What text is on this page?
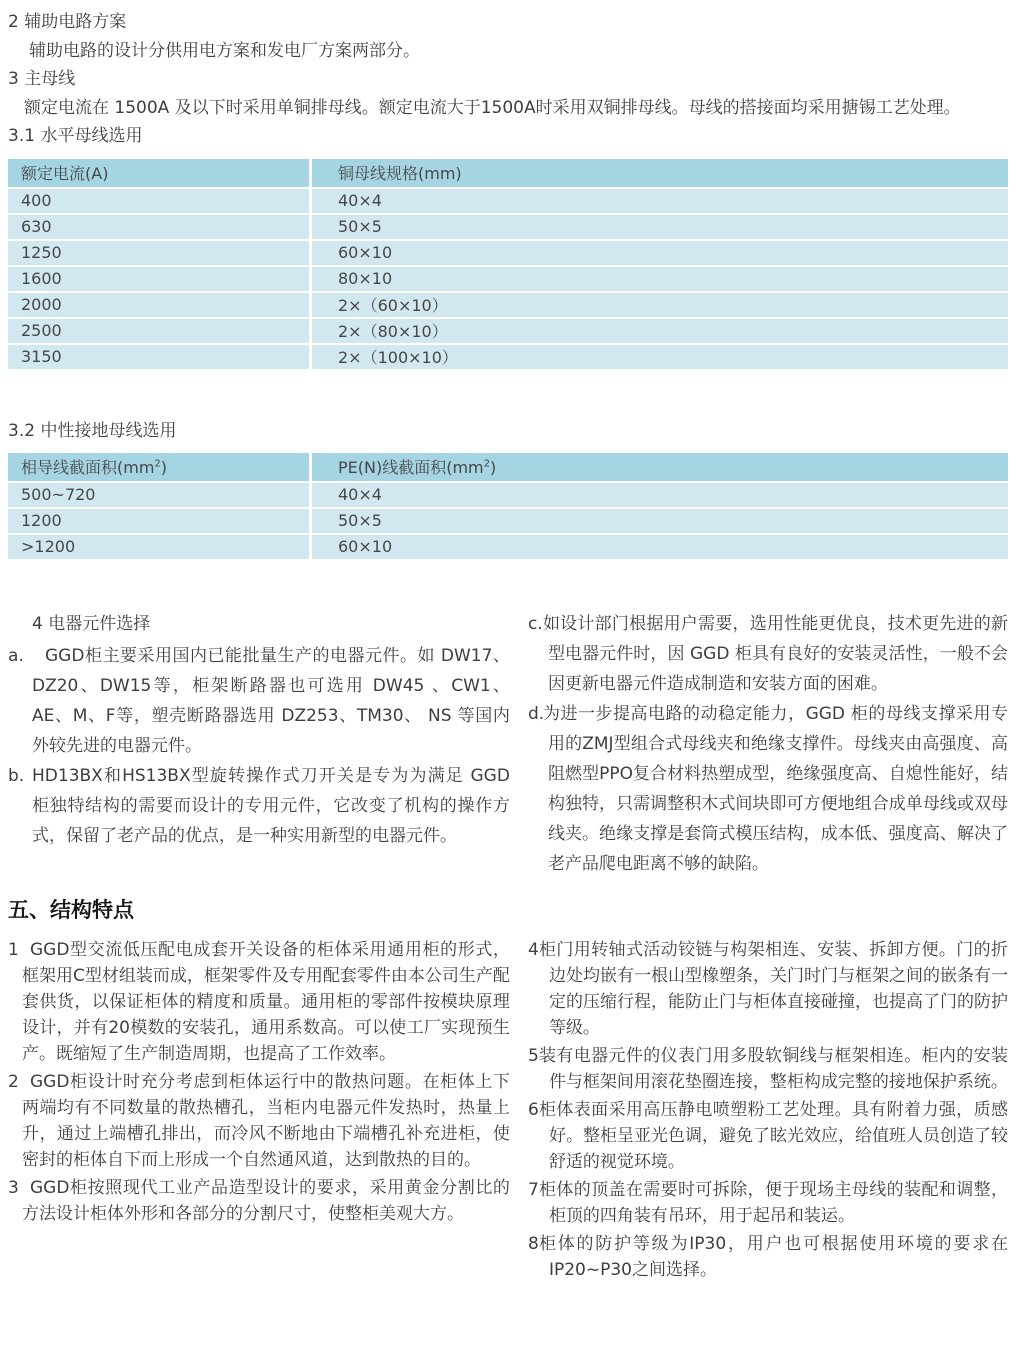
2 辅助电路方案
辅助电路的设计分供用电方案和发电厂方案两部分。
3 主母线
额定电流在 1500A 及以下时采用单铜排母线。额定电流大于1500A时采用双铜排母线。母线的搭接面均采用搪锡工艺处理。
3.1 水平母线选用
额定电流(A)	铜母线规格(mm)
400	40×4
630	50×5
1250	60×10
1600	80×10
2000	2×（60×10）
2500	2×（80×10）
3150	2×（100×10）
3.2 中性接地母线选用
相导线截面积$(mm^2)$	PE(N)线截面积$(mm^2)$
500~720	40×4
1200	50×5
>1200	60×10
4 电器元件选择
a. GGD柜主要采用国内已能批量生产的电器元件。如 DW17、DZ20、DW15等，柜架断路器也可选用 DW45 、CW1、 AE、M、F等，塑壳断路器选用 DZ253、TM30、 NS 等国内外较先进的电器元件。
b. HD13BX和HS13BX型旋转操作式刀开关是专为为满足 GGD 柜独特结构的需要而设计的专用元件，它改变了机构的操作方式，保留了老产品的优点，是一种实用新型的电器元件。
c. 如设计部门根据用户需要，选用性能更优良，技术更先进的新型电器元件时，因 GGD 柜具有良好的安装灵活性，一般不会因更新电器元件造成制造和安装方面的困难。
d.
为进一步提高电路的动稳定能力，GGD 柜的母线支撑采用专用的ZMJ型组合式母线夹和绝缘支撑件。母线夹由高强度、高阻燃型PPO复合材料热塑成型，绝缘强度高、自熄性能好，结构独特，只需调整积木式间块即可方便地组合成单母线或双母线夹。绝缘支撑是套筒式模压结构，成本低、强度高、解决了老产品爬电距离不够的缺陷。
五、结构特点
1 GGD型交流低压配电成套开关设备的柜体采用通用柜的形式，框架用C型材组装而成，框架零件及专用配套零件由本公司生产配套供货，以保证柜体的精度和质量。通用柜的零部件按模块原理设计，并有20模数的安装孔，通用系数高。可以使工厂实现预生产。既缩短了生产制造周期，也提高了工作效率。
2 GGD柜设计时充分考虑到柜体运行中的散热问题。在柜体上下两端均有不同数量的散热槽孔，当柜内电器元件发热时，热量上升，通过上端槽孔排出，而冷风不断地由下端槽孔补充进柜，使密封的柜体自下而上形成一个自然通风道，达到散热的目的。
3 GGD柜按照现代工业产品造型设计的要求，采用黄金分割比的方法设计柜体外形和各部分的分割尺寸，使整柜美观大方。
4 柜门用转轴式活动铰链与构架相连、安装、拆卸方便。门的折边处均嵌有一根山型橡塑条，关门时门与框架之间的嵌条有一定的压缩行程，能防止门与柜体直接碰撞，也提高了门的防护等级。
5 装有电器元件的仪表门用多股软铜线与框架相连。柜内的安装件与框架间用滚花垫圈连接，整柜构成完整的接地保护系统。
6 柜体表面采用高压静电喷塑粉工艺处理。具有附着力强，质感好。整柜呈亚光色调，避免了眩光效应，给值班人员创造了较舒适的视觉环境。
7 柜体的顶盖在需要时可拆除，便于现场主母线的装配和调整，柜顶的四角装有吊环，用于起吊和装运。
8 柜体的防护等级为IP30，用户也可根据使用环境的要求在IP20~P30之间选择。
